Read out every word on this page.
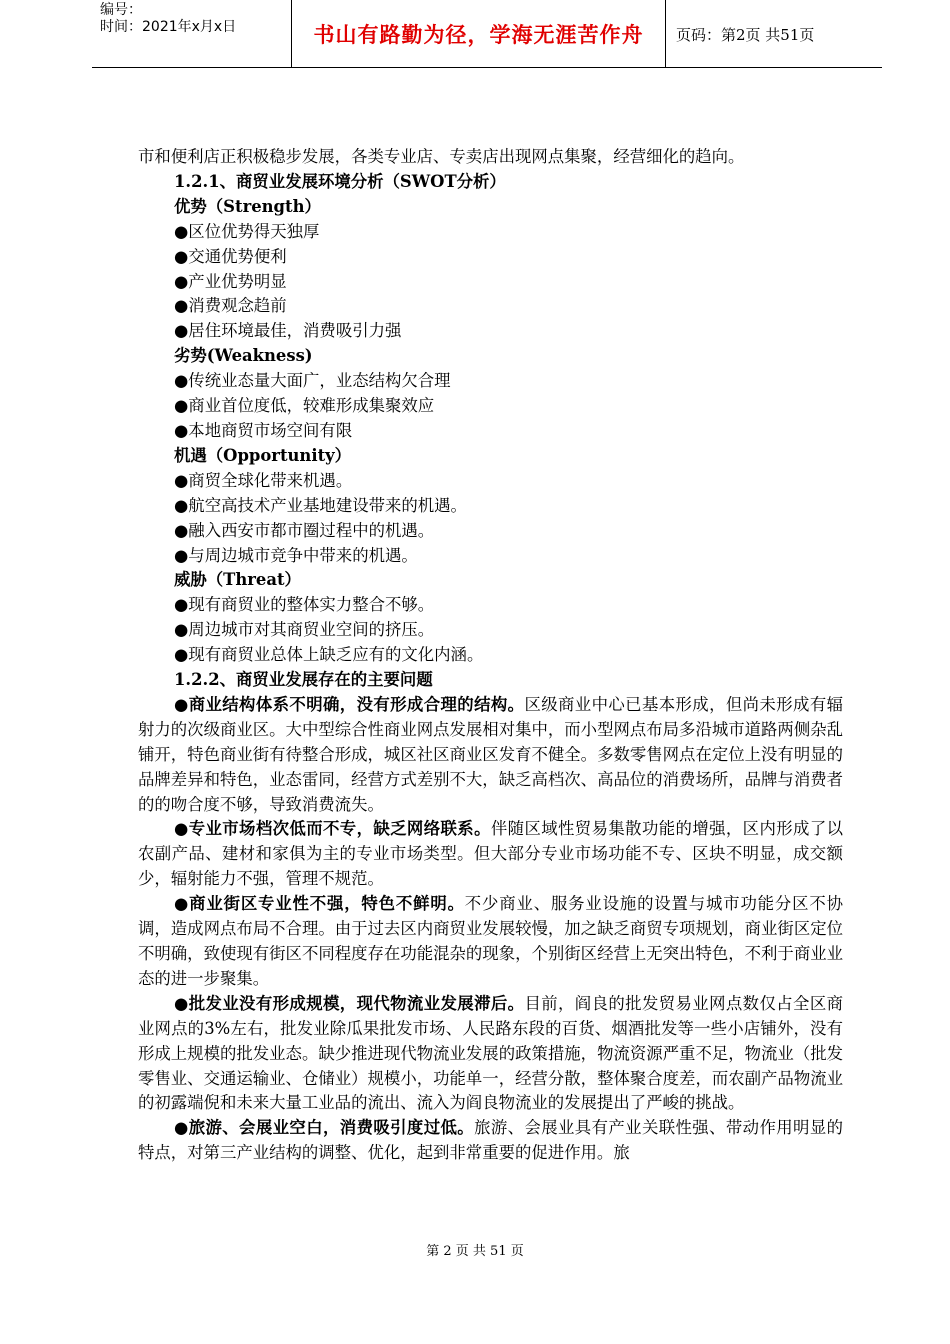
编号：
时间：2021年x月x日	书山有路勤为径，学海无涯苦作舟 页码：第2页 共51页

市和便利店正积极稳步发展，各类专业店、专卖店出现网点集聚，经营细化的趋向。

1.2.1、商贸业发展环境分析（SWOT分析）

优势（Strength）

●区位优势得天独厚

●交通优势便利

●产业优势明显

●消费观念趋前

●居住环境最佳，消费吸引力强

劣势(Weakness)

●传统业态量大面广，业态结构欠合理

●商业首位度低，较难形成集聚效应

●本地商贸市场空间有限

机遇（Opportunity）

●商贸全球化带来机遇。

●航空高技术产业基地建设带来的机遇。

●融入西安市都市圈过程中的机遇。

●与周边城市竞争中带来的机遇。

威胁（Threat）

●现有商贸业的整体实力整合不够。

●周边城市对其商贸业空间的挤压。

●现有商贸业总体上缺乏应有的文化内涵。

1.2.2、商贸业发展存在的主要问题

●商业结构体系不明确，没有形成合理的结构。区级商业中心已基本形成，但尚未形成有辐射力的次级商业区。大中型综合性商业网点发展相对集中，而小型网点布局多沿城市道路两侧杂乱铺开，特色商业街有待整合形成，城区社区商业区发育不健全。多数零售网点在定位上没有明显的品牌差异和特色，业态雷同，经营方式差别不大，缺乏高档次、高品位的消费场所，品牌与消费者的的吻合度不够，导致消费流失。

●专业市场档次低而不专，缺乏网络联系。伴随区域性贸易集散功能的增强，区内形成了以农副产品、建材和家俱为主的专业市场类型。但大部分专业市场功能不专、区块不明显，成交额少，辐射能力不强，管理不规范。

●商业街区专业性不强，特色不鲜明。不少商业、服务业设施的设置与城市功能分区不协调，造成网点布局不合理。由于过去区内商贸业发展较慢，加之缺乏商贸专项规划，商业街区定位不明确，致使现有街区不同程度存在功能混杂的现象，个别街区经营上无突出特色，不利于商业业态的进一步聚集。

●批发业没有形成规模，现代物流业发展滞后。目前，阎良的批发贸易业网点数仅占全区商业网点的3%左右，批发业除瓜果批发市场、人民路东段的百货、烟酒批发等一些小店铺外，没有形成上规模的批发业态。缺少推进现代物流业发展的政策措施，物流资源严重不足，物流业（批发零售业、交通运输业、仓储业）规模小，功能单一，经营分散，整体聚合度差，而农副产品物流业的初露端倪和未来大量工业品的流出、流入为阎良物流业的发展提出了严峻的挑战。

●旅游、会展业空白，消费吸引度过低。旅游、会展业具有产业关联性强、带动作用明显的特点，对第三产业结构的调整、优化，起到非常重要的促进作用。旅

第 2 页 共 51 页
